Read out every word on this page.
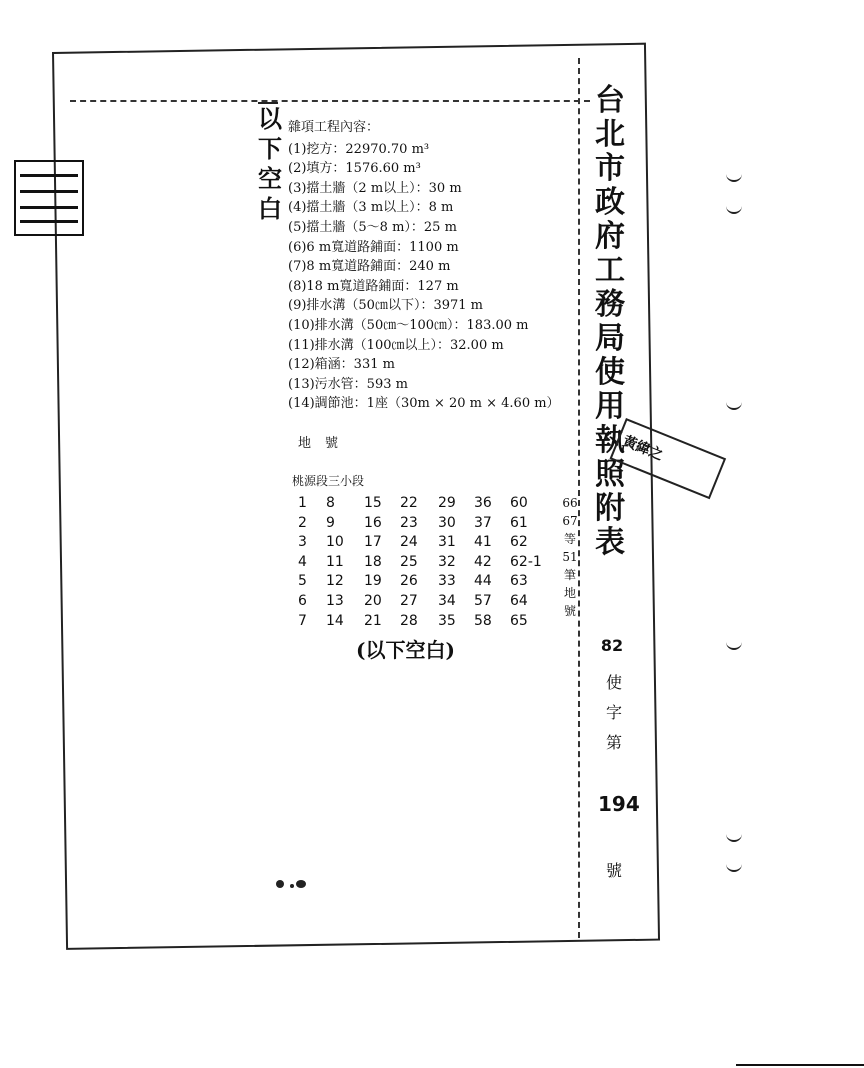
以
下
空
白
台
北
市
政
府
工
務
局
使
用
執
照
附
表
雜項工程內容：
(1)挖方：22970.70 m³
(2)填方：1576.60 m³
(3)擋土牆（2 m以上）：30 m
(4)擋土牆（3 m以上）：8 m
(5)擋土牆（5～8 m）：25 m
(6)6 m寬道路鋪面：1100 m
(7)8 m寬道路鋪面：240 m
(8)18 m寬道路鋪面：127 m
(9)排水溝（50㎝以下）：3971 m
(10)排水溝（50㎝～100㎝）：183.00 m
(11)排水溝（100㎝以上）：32.00 m
(12)箱涵：331 m
(13)污水管：593 m
(14)調節池：1座（30m × 20 m × 4.60 m）
地號
桃源段三小段
1
2
3
4
5
6
7
8
9
10
11
12
13
14
15
16
17
18
19
20
21
22
23
24
25
26
27
28
29
30
31
32
33
34
35
36
37
41
42
44
57
58
60
61
62
62-1
63
64
65
66
67
等
51
筆
地
號
(以下空白)	82
使
字
第
194
號
黃緯之
